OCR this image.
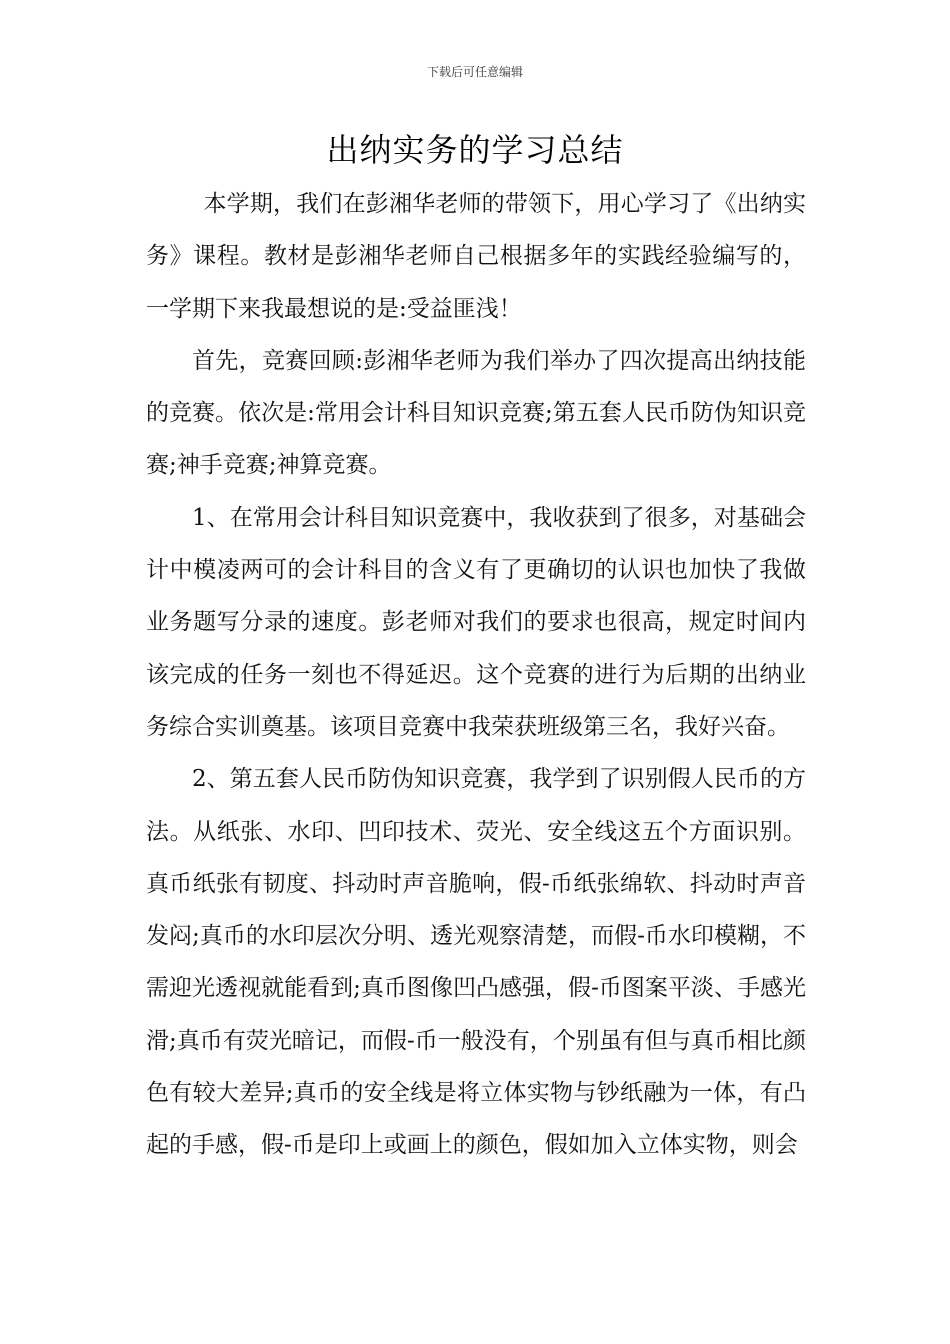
下载后可任意编辑
出纳实务的学习总结

本学期，我们在彭湘华老师的带领下，用心学习了《出纳实务》课程。教材是彭湘华老师自己根据多年的实践经验编写的，一学期下来我最想说的是:受益匪浅！

首先，竞赛回顾:彭湘华老师为我们举办了四次提高出纳技能的竞赛。依次是:常用会计科目知识竞赛;第五套人民币防伪知识竞赛;神手竞赛;神算竞赛。

1、在常用会计科目知识竞赛中，我收获到了很多，对基础会计中模凌两可的会计科目的含义有了更确切的认识也加快了我做业务题写分录的速度。彭老师对我们的要求也很高，规定时间内该完成的任务一刻也不得延迟。这个竞赛的进行为后期的出纳业务综合实训奠基。该项目竞赛中我荣获班级第三名，我好兴奋。

2、第五套人民币防伪知识竞赛，我学到了识别假人民币的方法。从纸张、水印、凹印技术、荧光、安全线这五个方面识别。真币纸张有韧度、抖动时声音脆响，假-币纸张绵软、抖动时声音发闷;真币的水印层次分明、透光观察清楚，而假-币水印模糊，不需迎光透视就能看到;真币图像凹凸感强，假-币图案平淡、手感光滑;真币有荧光暗记，而假-币一般没有，个别虽有但与真币相比颜色有较大差异;真币的安全线是将立体实物与钞纸融为一体，有凸起的手感，假-币是印上或画上的颜色，假如加入立体实物，则会
